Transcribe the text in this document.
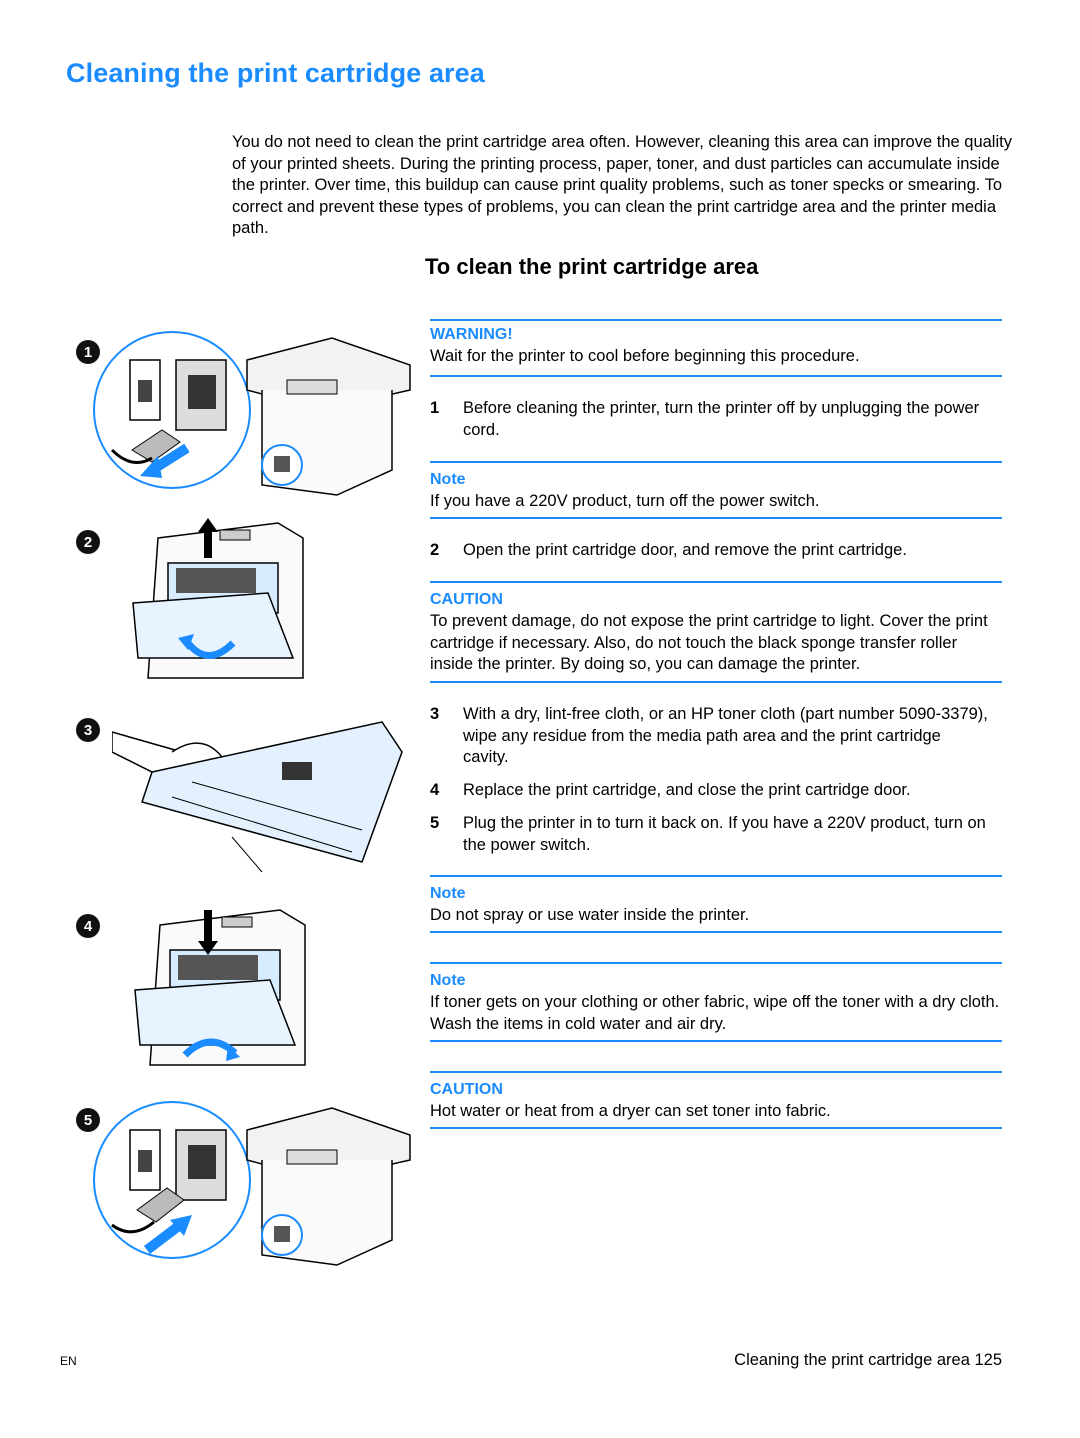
Cleaning the print cartridge area

You do not need to clean the print cartridge area often. However, cleaning this area can improve the quality of your printed sheets. During the printing process, paper, toner, and dust particles can accumulate inside the printer. Over time, this buildup can cause print quality problems, such as toner specks or smearing. To correct and prevent these types of problems, you can clean the print cartridge area and the printer media path.

To clean the print cartridge area
WARNING!
Wait for the printer to cool before beginning this procedure.
1	Before cleaning the printer, turn the printer off by unplugging the power cord.
Note
If you have a 220V product, turn off the power switch.
2	Open the print cartridge door, and remove the print cartridge.
CAUTION
To prevent damage, do not expose the print cartridge to light. Cover the print cartridge if necessary. Also, do not touch the black sponge transfer roller inside the printer. By doing so, you can damage the printer.
3	With a dry, lint-free cloth, or an HP toner cloth (part number 5090-3379), wipe any residue from the media path area and the print cartridge cavity.
4	Replace the print cartridge, and close the print cartridge door.
5	Plug the printer in to turn it back on. If you have a 220V product, turn on the power switch.
Note
Do not spray or use water inside the printer.
Note
If toner gets on your clothing or other fabric, wipe off the toner with a dry cloth. Wash the items in cold water and air dry.
CAUTION
Hot water or heat from a dryer can set toner into fabric.
1
2
3
4
5
EN	Cleaning the print cartridge area 125
